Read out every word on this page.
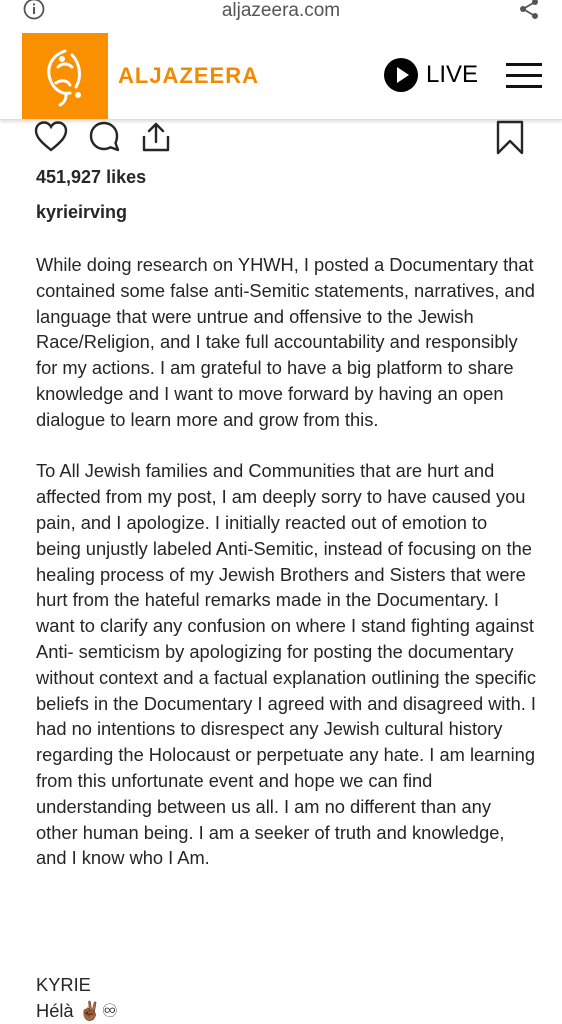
aljazeera.com
ALJAZEERA	LIVE
451,927 likes
kyrieirving

While doing research on YHWH, I posted a Documentary that contained some false anti-Semitic statements, narratives, and language that were untrue and offensive to the Jewish Race/Religion, and I take full accountability and responsibly for my actions. I am grateful to have a big platform to share knowledge and I want to move forward by having an open dialogue to learn more and grow from this.

To All Jewish families and Communities that are hurt and affected from my post, I am deeply sorry to have caused you pain, and I apologize. I initially reacted out of emotion to being unjustly labeled Anti-Semitic, instead of focusing on the healing process of my Jewish Brothers and Sisters that were hurt from the hateful remarks made in the Documentary. I want to clarify any confusion on where I stand fighting against Anti- semticism by apologizing for posting the documentary without context and a factual explanation outlining the specific beliefs in the Documentary I agreed with and disagreed with. I had no intentions to disrespect any Jewish cultural history regarding the Holocaust or perpetuate any hate. I am learning from this unfortunate event and hope we can find understanding between us all. I am no different than any other human being. I am a seeker of truth and knowledge, and I know who I Am.

KYRIE
Hélà ✌🏾♾
